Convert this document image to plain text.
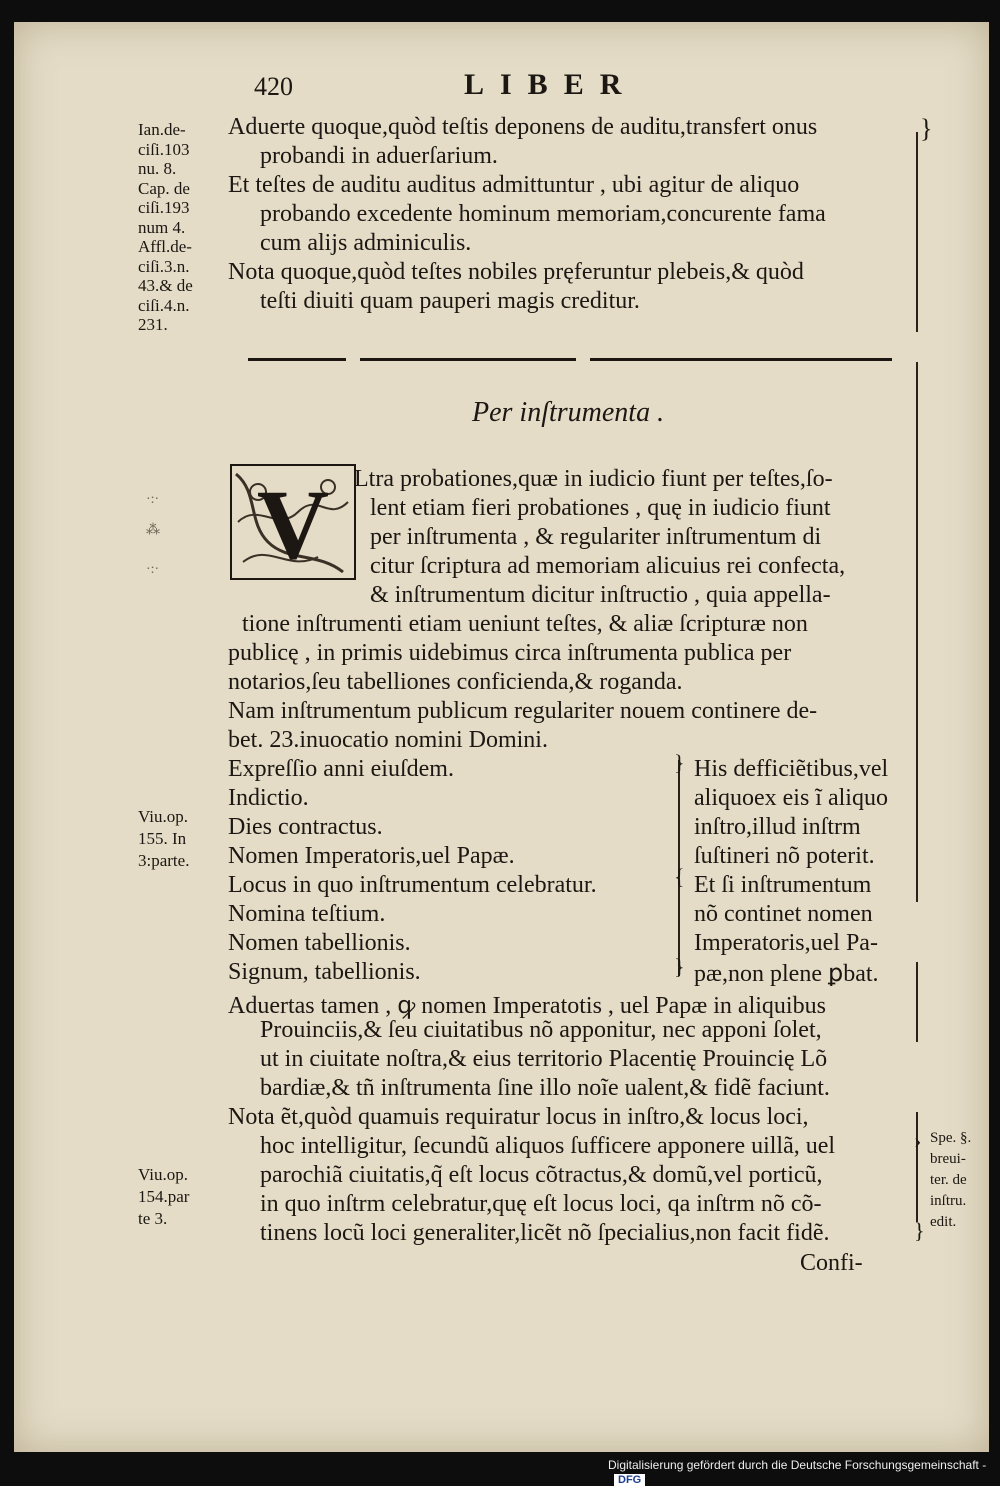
420	LIBER
Aduerte quoque,quòd teſtis deponens de auditu,transfert onus
probandi in aduerſarium.
Et teſtes de auditu auditus admittuntur , ubi agitur de aliquo
probando excedente hominum memoriam,concurente fama
cum alijs adminiculis.
Nota quoque,quòd teſtes nobiles pręferuntur plebeis,& quòd
teſti diuiti quam pauperi magis creditur.
Ian.de-
ciſi.103
nu. 8.
Cap. de
ciſi.193
num 4.
Affl.de-
ciſi.3.n.
43.& de
ciſi.4.n.
231.
}
Per inſtrumenta .
V Ltra probationes,quæ in iudicio fiunt per teſtes,ſo-
lent etiam fieri probationes , quę in iudicio fiunt
per inſtrumenta , & regulariter inſtrumentum di
citur ſcriptura ad memoriam alicuius rei confecta,
& inſtrumentum dicitur inſtructio , quia appella-
tione inſtrumenti etiam ueniunt teſtes, & aliæ ſcripturæ non
publicę , in primis uidebimus circa inſtrumenta publica per
notarios,ſeu tabelliones conficienda,& roganda.
Nam inſtrumentum publicum regulariter nouem continere de-
bet. 23.inuocatio nomini Domini.
Expreſſio anni eiuſdem.
Indictio.
Dies contractus.
Nomen Imperatoris,uel Papæ.
Locus in quo inſtrumentum celebratur.
Nomina teſtium.
Nomen tabellionis.
Signum, tabellionis.
}
{
}
His defficiẽtibus,vel
aliquoex eis ĩ aliquo
inſtro,illud inſtrm
ſuſtineri nõ poterit.
Et ſi inſtrumentum
nõ continet nomen
Imperatoris,uel Pa-
pæ,non plene ꝑbat.
Viu.op.
155. In
3:parte.
·:·
⁂
·:·
Aduertas tamen , ꝙ nomen Imperatotis , uel Papæ in aliquibus
Prouinciis,& ſeu ciuitatibus nõ apponitur, nec apponi ſolet,
ut in ciuitate noſtra,& eius territorio Placentię Prouincię Lõ
bardiæ,& tñ inſtrumenta ſine illo noĩe ualent,& fidẽ faciunt.
Nota ẽt,quòd quamuis requiratur locus in inſtro,& locus loci,
hoc intelligitur, ſecundũ aliquos ſufficere apponere uillã, uel
parochiã ciuitatis,q̃ eſt locus cõtractus,& domũ,vel porticũ,
in quo inſtrm celebratur,quę eſt locus loci, qa inſtrm nõ cõ-
tinens locũ loci generaliter,licẽt nõ ſpecialius,non facit fidẽ.
Viu.op.
154.par
te 3.
›
}
Spe. §.
breui-
ter. de
inſtru.
edit.
Confi-
Digitalisierung gefördert durch die Deutsche Forschungsgemeinschaft - DFG
